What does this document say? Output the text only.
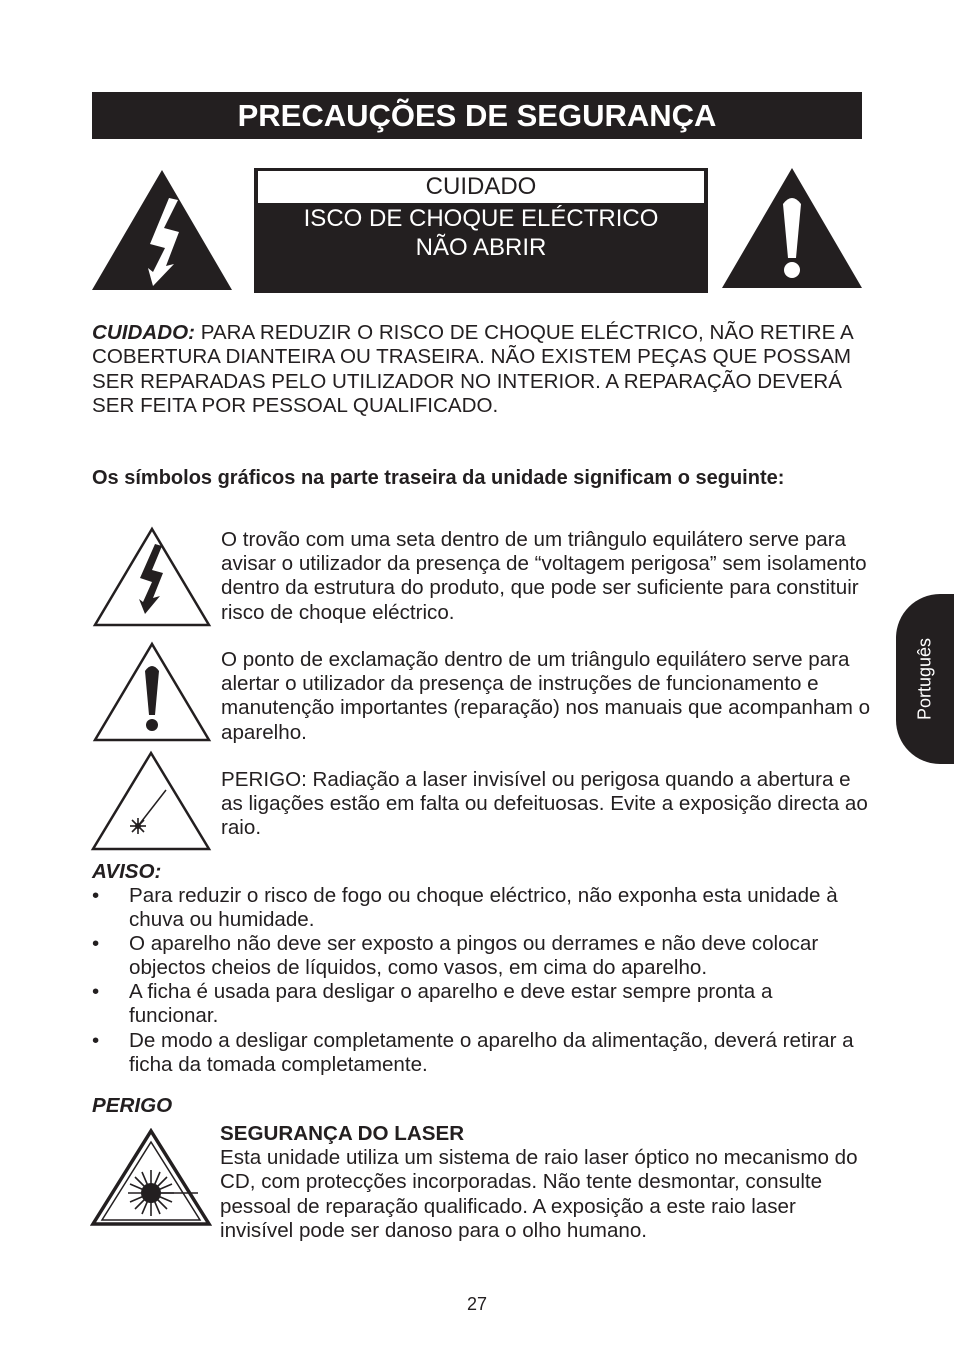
PRECAUÇÕES DE SEGURANÇA
CUIDADO
ISCO DE CHOQUE ELÉCTRICO
NÃO ABRIR
CUIDADO: PARA REDUZIR O RISCO DE CHOQUE ELÉCTRICO, NÃO RETIRE A COBERTURA DIANTEIRA OU TRASEIRA. NÃO EXISTEM PEÇAS QUE POSSAM SER REPARADAS PELO UTILIZADOR NO INTERIOR. A REPARAÇÃO DEVERÁ SER FEITA POR PESSOAL QUALIFICADO.
Os símbolos gráficos na parte traseira da unidade significam o seguinte:
O trovão com uma seta dentro de um triângulo equilátero serve para avisar o utilizador da presença de “voltagem perigosa” sem isolamento dentro da estrutura do produto, que pode ser suficiente para constituir risco de choque eléctrico.
O ponto de exclamação dentro de um triângulo equilátero serve para alertar o utilizador da presença de instruções de funcionamento e manutenção importantes (reparação) nos manuais que acompanham o aparelho.
PERIGO: Radiação a laser invisível ou perigosa quando a abertura e as ligações estão em falta ou defeituosas. Evite a exposição directa ao raio.
AVISO:
• Para reduzir o risco de fogo ou choque eléctrico, não exponha esta unidade à chuva ou humidade.
• O aparelho não deve ser exposto a pingos ou derrames e não deve colocar objectos cheios de líquidos, como vasos, em cima do aparelho.
• A ficha é usada para desligar o aparelho e deve estar sempre pronta a funcionar.
• De modo a desligar completamente o aparelho da alimentação, deverá retirar a ficha da tomada completamente.
PERIGO
SEGURANÇA DO LASER
Esta unidade utiliza um sistema de raio laser óptico no mecanismo do CD, com protecções incorporadas. Não tente desmontar, consulte pessoal de reparação qualificado. A exposição a este raio laser invisível pode ser danoso para o olho humano.
Português
27
